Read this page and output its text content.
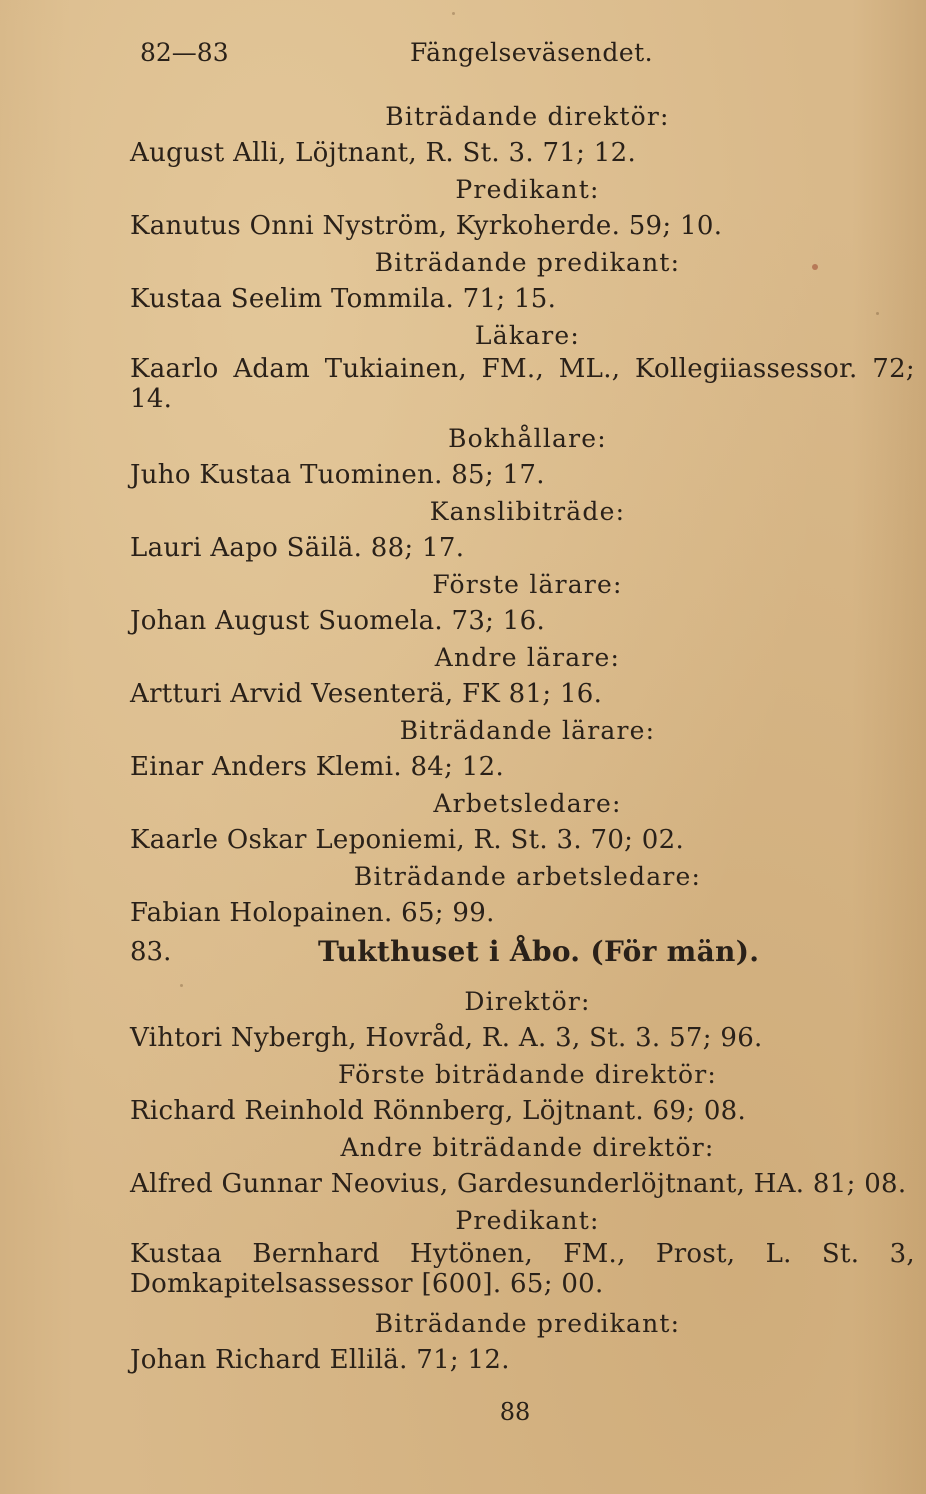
82—83	Fängelseväsendet.
Biträdande direktör:
August Alli, Löjtnant, R. St. 3. 71; 12.
Predikant:
Kanutus Onni Nyström, Kyrkoherde. 59; 10.
Biträdande predikant:
Kustaa Seelim Tommila. 71; 15.
Läkare:
Kaarlo Adam Tukiainen, FM., ML., Kollegiiassessor. 72; 14.
Bokhållare:
Juho Kustaa Tuominen. 85; 17.
Kanslibiträde:
Lauri Aapo Säilä. 88; 17.
Förste lärare:
Johan August Suomela. 73; 16.
Andre lärare:
Artturi Arvid Vesenterä, FK 81; 16.
Biträdande lärare:
Einar Anders Klemi. 84; 12.
Arbetsledare:
Kaarle Oskar Leponiemi, R. St. 3. 70; 02.
Biträdande arbetsledare:
Fabian Holopainen. 65; 99.
83.	Tukthuset i Åbo. (För män).
Direktör:
Vihtori Nybergh, Hovråd, R. A. 3, St. 3. 57; 96.
Förste biträdande direktör:
Richard Reinhold Rönnberg, Löjtnant. 69; 08.
Andre biträdande direktör:
Alfred Gunnar Neovius, Gardesunderlöjtnant, HA. 81; 08.
Predikant:
Kustaa Bernhard Hytönen, FM., Prost, L. St. 3, Domkapitelsassessor [600]. 65; 00.
Biträdande predikant:
Johan Richard Ellilä. 71; 12.
88
